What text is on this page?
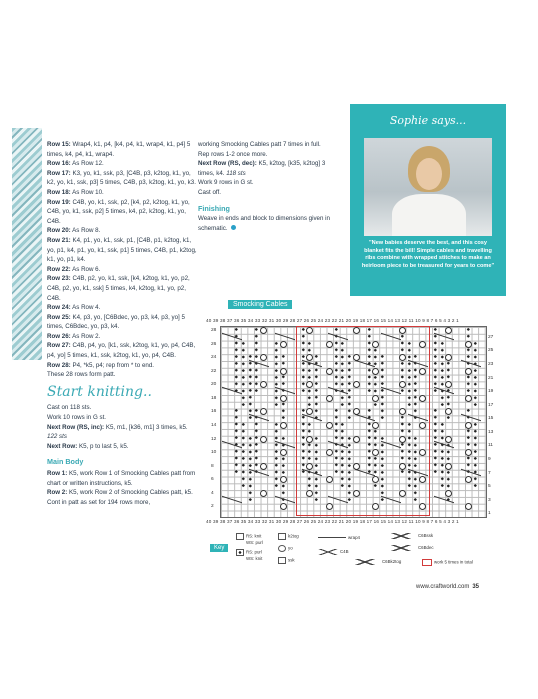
Row 15: Wrap4, k1, p4, [k4, p4, k1, wrap4, k1, p4] 5 times, k4, p4, k1, wrap4.

Row 16: As Row 12.

Row 17: K3, yo, k1, ssk, p3, [C4B, p3, k2tog, k1, yo, k2, yo, k1, ssk, p3] 5 times, C4B, p3, k2tog, k1, yo, k3.

Row 18: As Row 10.

Row 19: C4B, yo, k1, ssk, p2, [k4, p2, k2tog, k1, yo, C4B, yo, k1, ssk, p2] 5 times, k4, p2, k2tog, k1, yo, C4B.

Row 20: As Row 8.

Row 21: K4, p1, yo, k1, ssk, p1, [C4B, p1, k2tog, k1, yo, p1, k4, p1, yo, k1, ssk, p1] 5 times, C4B, p1, k2tog, k1, yo, p1, k4.

Row 22: As Row 6.

Row 23: C4B, p2, yo, k1, ssk, [k4, k2tog, k1, yo, p2, C4B, p2, yo, k1, ssk] 5 times, k4, k2tog, k1, yo, p2, C4B.

Row 24: As Row 4.

Row 25: K4, p3, yo, [C6Bdec, yo, p3, k4, p3, yo] 5 times, C6Bdec, yo, p3, k4.

Row 26: As Row 2.

Row 27: C4B, p4, yo, [k1, ssk, k2tog, k1, yo, p4, C4B, p4, yo] 5 times, k1, ssk, k2tog, k1, yo, p4, C4B.

Row 28: P4, *k5, p4; rep from * to end.

These 28 rows form patt.

Start knitting..

Cast on 118 sts.

Work 10 rows in G st.

Next Row (RS, inc): K5, m1, [k36, m1] 3 times, k5. 122 sts

Next Row: K5, p to last 5, k5.

Main Body

Row 1: K5, work Row 1 of Smocking Cables patt from chart or written instructions, k5.

Row 2: K5, work Row 2 of Smocking Cables patt, k5.

Cont in patt as set for 194 rows more,

working Smocking Cables patt 7 times in full.

Rep rows 1-2 once more.

Next Row (RS, dec): K5, k2tog, [k35, k2tog] 3 times, k4. 118 sts

Work 9 rows in G st.

Cast off.

Finishing

Weave in ends and block to dimensions given in schematic.

Sophie says...
"New babies deserve the best, and this cosy blanket fits the bill! Simple cables and travelling ribs combine with wrapped stitches to make an heirloom piece to be treasured for years to come"
Smocking Cables
40 39 38 37 36 35 34 33 32 31 30 29 28 27 26 25 24 23 22 21 20 19 18 17 16 15 14 13 12 11 10 9 8 7 6 5 4 3 2 1
40 39 38 37 36 35 34 33 32 31 30 29 28 27 26 25 24 23 22 21 20 19 18 17 16 15 14 13 12 11 10 9 8 7 6 5 4 3 2 1
28
26
24
22
20
18
16
14
12
10
8
6
4
2
27
25
23
21
19
17
15
13
11
9
7
5
3
1
Key
RS: knit
WS: purl
RS: purl
WS: knit
k2tog
yo
ssk
wrap4
C4B
C6Bssk
C6Bdec
C6Bk2tog	work 5 times in total
www.craftworld.com 35
